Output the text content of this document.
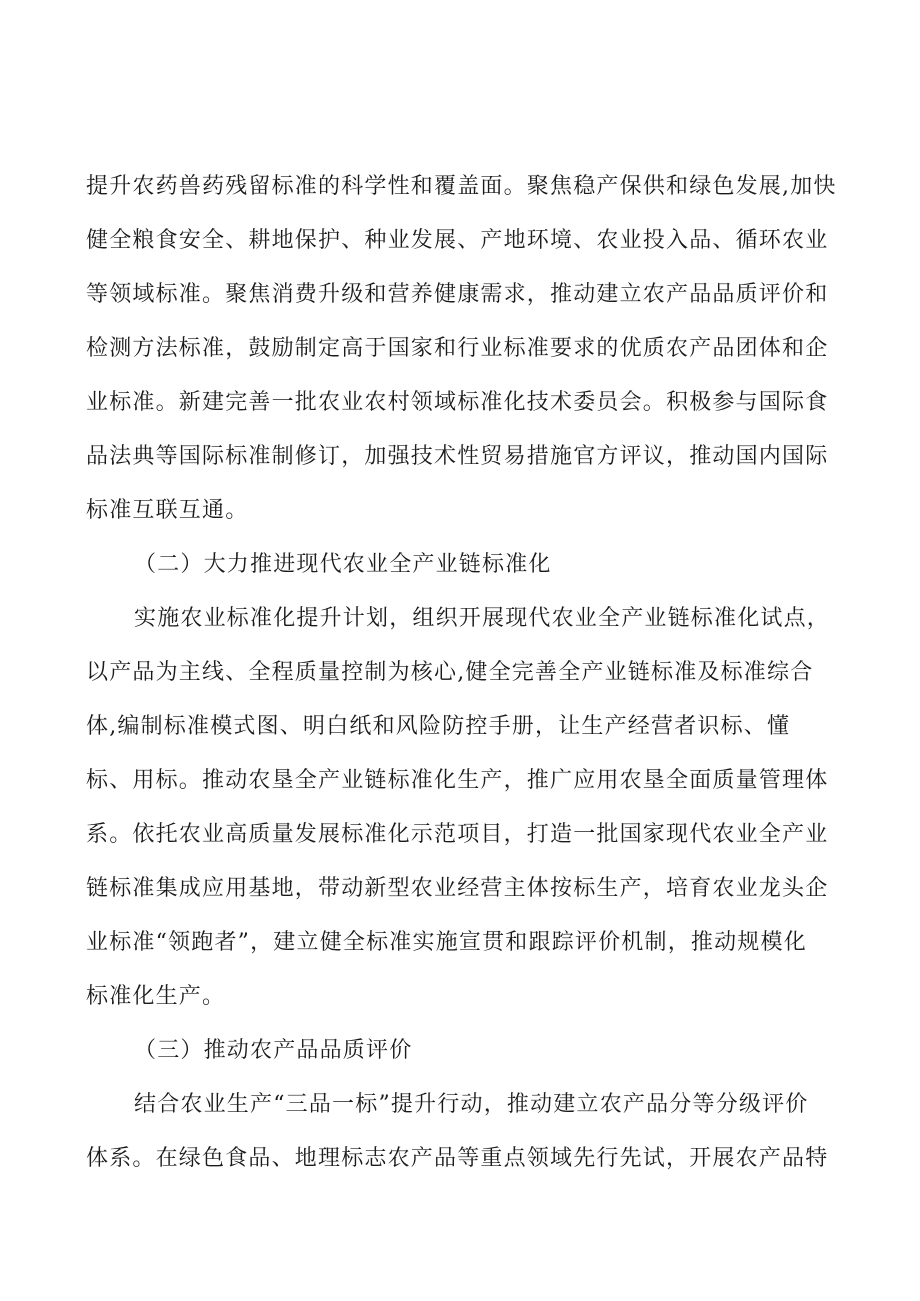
提升农药兽药残留标准的科学性和覆盖面。聚焦稳产保供和绿色发展,加快
健全粮食安全、耕地保护、种业发展、产地环境、农业投入品、循环农业
等领域标准。聚焦消费升级和营养健康需求，推动建立农产品品质评价和
检测方法标准，鼓励制定高于国家和行业标准要求的优质农产品团体和企
业标准。新建完善一批农业农村领域标准化技术委员会。积极参与国际食
品法典等国际标准制修订，加强技术性贸易措施官方评议，推动国内国际
标准互联互通。
（二）大力推进现代农业全产业链标准化
实施农业标准化提升计划，组织开展现代农业全产业链标准化试点，
以产品为主线、全程质量控制为核心,健全完善全产业链标准及标准综合
体,编制标准模式图、明白纸和风险防控手册，让生产经营者识标、懂
标、用标。推动农垦全产业链标准化生产，推广应用农垦全面质量管理体
系。依托农业高质量发展标准化示范项目，打造一批国家现代农业全产业
链标准集成应用基地，带动新型农业经营主体按标生产，培育农业龙头企
业标准“领跑者”，建立健全标准实施宣贯和跟踪评价机制，推动规模化
标准化生产。
（三）推动农产品品质评价
结合农业生产“三品一标”提升行动，推动建立农产品分等分级评价
体系。在绿色食品、地理标志农产品等重点领域先行先试，开展农产品特
